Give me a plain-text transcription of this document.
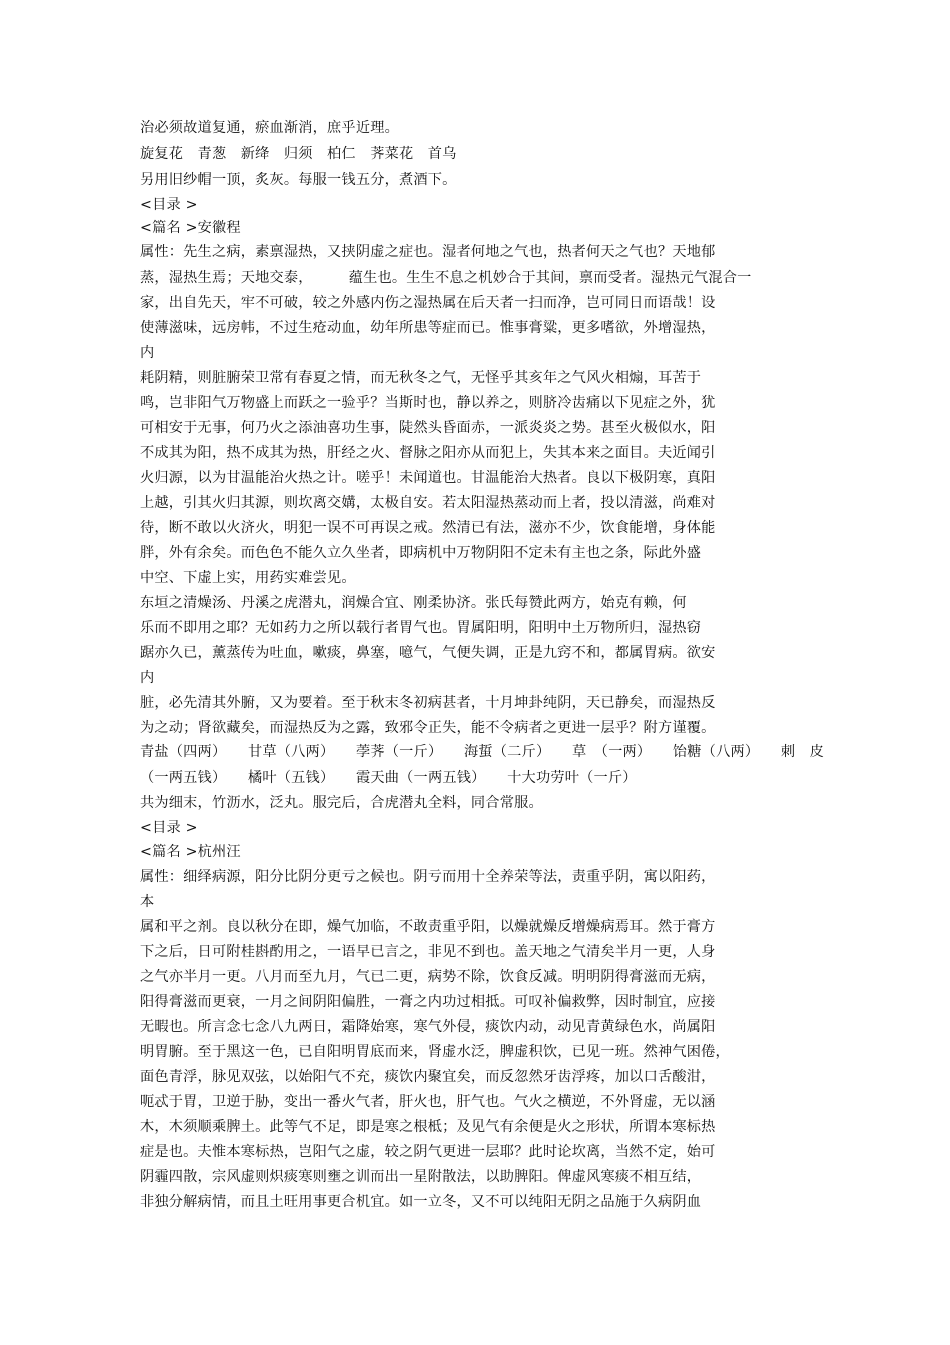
治必须故道复通，瘀血渐消，庶乎近理。
旋复花　青葱　新绛　归须　柏仁　荠菜花　首乌
另用旧纱帽一顶，炙灰。每服一钱五分，煮酒下。
<目录 >
<篇名 >安徽程
属性：先生之病，素禀湿热，又挟阴虚之症也。湿者何地之气也，热者何天之气也？天地郁
蒸，湿热生焉；天地交泰，　　　蕴生也。生生不息之机妙合于其间，禀而受者。湿热元气混合一
家，出自先天，牢不可破，较之外感内伤之湿热属在后天者一扫而净，岂可同日而语哉！设
使薄滋味，远房帏，不过生疮动血，幼年所患等症而已。惟事膏粱，更多嗜欲，外增湿热，
内
耗阴精，则脏腑荣卫常有春夏之情，而无秋冬之气，无怪乎其亥年之气风火相煽，耳苦于
鸣，岂非阳气万物盛上而跃之一验乎？当斯时也，静以养之，则脐冷齿痛以下见症之外，犹
可相安于无事，何乃火之添油喜功生事，陡然头昏面赤，一派炎炎之势。甚至火极似水，阳
不成其为阳，热不成其为热，肝经之火、督脉之阳亦从而犯上，失其本来之面目。夫近闻引
火归源，以为甘温能治火热之计。嗟乎！未闻道也。甘温能治大热者。良以下极阴寒，真阳
上越，引其火归其源，则坎离交媾，太极自安。若太阳湿热蒸动而上者，投以清滋，尚难对
待，断不敢以火济火，明犯一误不可再误之戒。然清已有法，滋亦不少，饮食能增，身体能
胖，外有余矣。而色色不能久立久坐者，即病机中万物阴阳不定未有主也之条，际此外盛
中空、下虚上实，用药实难尝见。
东垣之清燥汤、丹溪之虎潜丸，润燥合宜、刚柔协济。张氏每赞此两方，始克有赖，何
乐而不即用之耶？无如药力之所以载行者胃气也。胃属阳明，阳明中土万物所归，湿热窃
踞亦久已，薰蒸传为吐血，嗽痰，鼻塞，噫气，气便失调，正是九窍不和，都属胃病。欲安
内
脏，必先清其外腑，又为要着。至于秋末冬初病甚者，十月坤卦纯阴，天已静矣，而湿热反
为之动；肾欲藏矣，而湿热反为之露，致邪令正失，能不令病者之更进一层乎？附方谨覆。
青盐（四两）　　甘草（八两）　　荸荠（一斤）　　海蜇（二斤）　　草　（一两）　　饴糖（八两）　　刺　皮
（一两五钱）　　橘叶（五钱）　　霞天曲（一两五钱）　　十大功劳叶（一斤）
共为细末，竹沥水，泛丸。服完后，合虎潜丸全料，同合常服。
<目录 >
<篇名 >杭州汪
属性：细绎病源，阳分比阴分更亏之候也。阴亏而用十全养荣等法，责重乎阴，寓以阳药，
本
属和平之剂。良以秋分在即，燥气加临，不敢责重乎阳，以燥就燥反增燥病焉耳。然于膏方
下之后，日可附桂斟酌用之，一语早已言之，非见不到也。盖天地之气清矣半月一更，人身
之气亦半月一更。八月而至九月，气已二更，病势不除，饮食反减。明明阴得膏滋而无病，
阳得膏滋而更衰，一月之间阴阳偏胜，一膏之内功过相抵。可叹补偏救弊，因时制宜，应接
无暇也。所言念七念八九两日，霜降始寒，寒气外侵，痰饮内动，动见青黄绿色水，尚属阳
明胃腑。至于黑这一色，已自阳明胃底而来，肾虚水泛，脾虚积饮，已见一班。然神气困倦，
面色青浮，脉见双弦，以始阳气不充，痰饮内聚宜矣，而反忽然牙齿浮疼，加以口舌酸泔，
呃忒于胃，卫逆于胁，变出一番火气者，肝火也，肝气也。气火之横逆，不外肾虚，无以涵
木，木须顺乘脾土。此等气不足，即是寒之根柢；及见气有余便是火之形状，所谓本寒标热
症是也。夫惟本寒标热，岂阳气之虚，较之阴气更进一层耶？此时论坎离，当然不定，始可
阴霾四散，宗风虚则炽痰寒则壅之训而出一星附散法，以助脾阳。俾虚风寒痰不相互结，
非独分解病情，而且土旺用事更合机宜。如一立冬，又不可以纯阳无阴之品施于久病阴血
